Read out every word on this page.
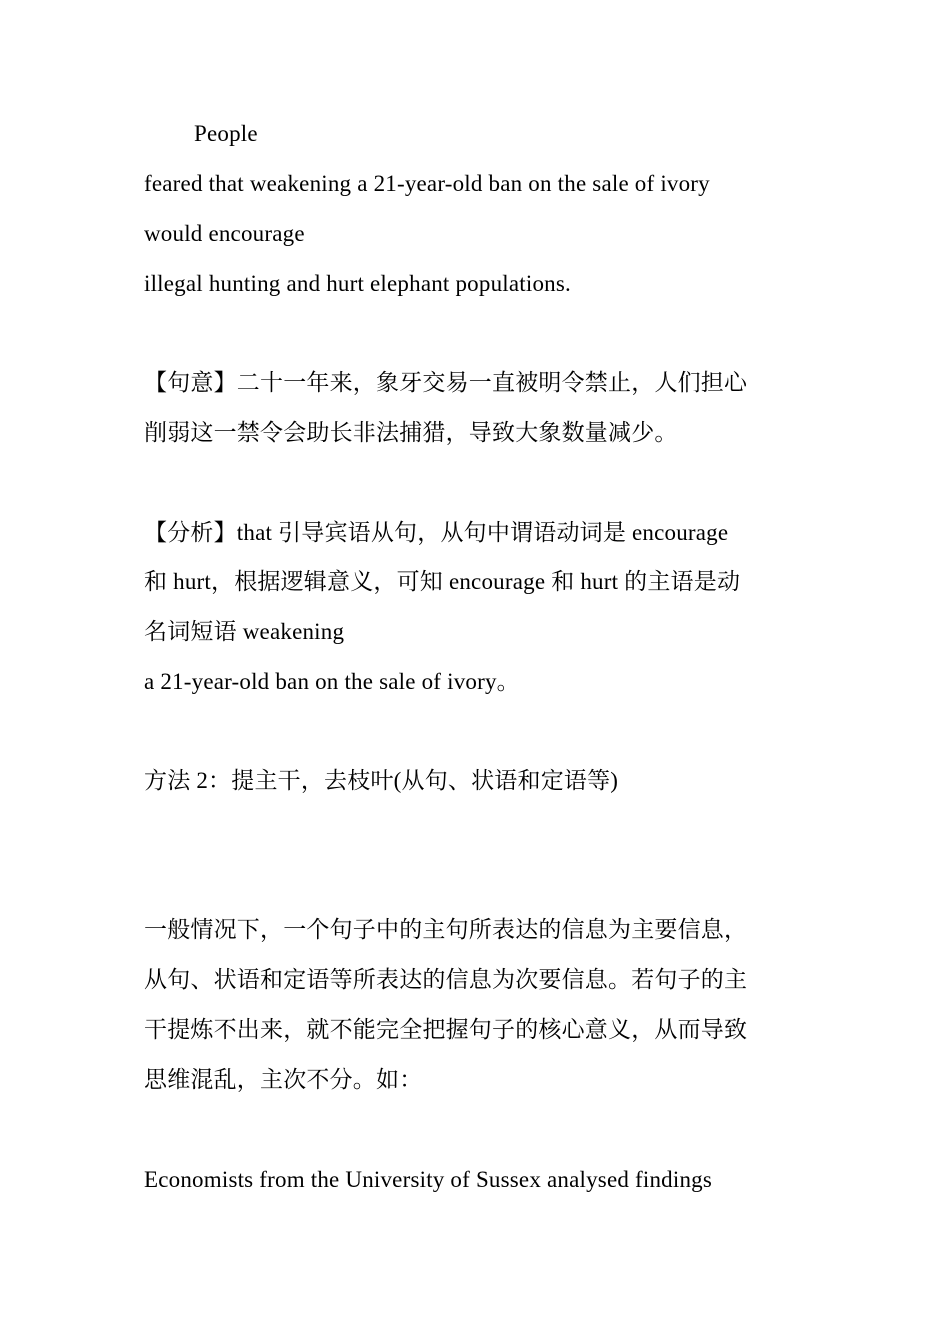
People
feared that weakening a 21-year-old ban on the sale of ivory
would encourage
illegal hunting and hurt elephant populations.
【句意】二十一年来，象牙交易一直被明令禁止，人们担心
削弱这一禁令会助长非法捕猎，导致大象数量减少。
【分析】that 引导宾语从句，从句中谓语动词是 encourage
和 hurt，根据逻辑意义，可知 encourage 和 hurt 的主语是动
名词短语 weakening
a 21-year-old ban on the sale of ivory。
方法 2：提主干，去枝叶(从句、状语和定语等)
一般情况下，一个句子中的主句所表达的信息为主要信息，
从句、状语和定语等所表达的信息为次要信息。若句子的主
干提炼不出来，就不能完全把握句子的核心意义，从而导致
思维混乱，主次不分。如：
Economists from the University of Sussex analysed findings
